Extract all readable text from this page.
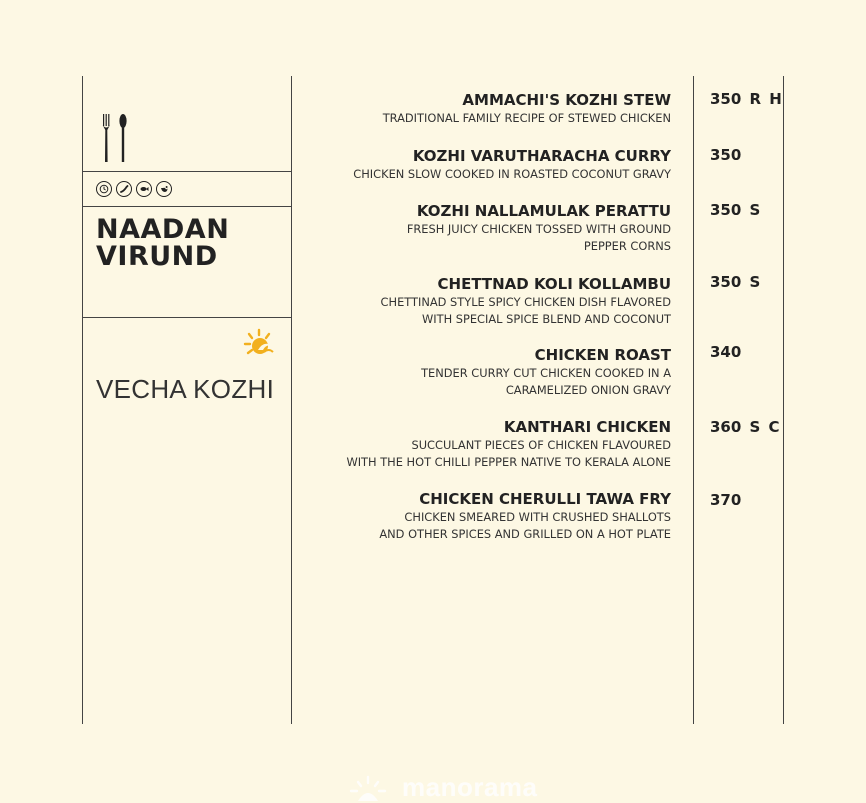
NAADAN
VIRUND
VECHA KOZHI
AMMACHI'S KOZHI STEW
TRADITIONAL FAMILY RECIPE OF STEWED CHICKEN
KOZHI VARUTHARACHA CURRY
CHICKEN SLOW COOKED IN ROASTED COCONUT GRAVY
KOZHI NALLAMULAK PERATTU
FRESH JUICY CHICKEN TOSSED WITH GROUND
PEPPER CORNS
CHETTNAD KOLI KOLLAMBU
CHETTINAD STYLE SPICY CHICKEN DISH FLAVORED
WITH SPECIAL SPICE BLEND AND COCONUT
CHICKEN ROAST
TENDER CURRY CUT CHICKEN COOKED IN A
CARAMELIZED ONION GRAVY
KANTHARI CHICKEN
SUCCULANT PIECES OF CHICKEN FLAVOURED
WITH THE HOT CHILLI PEPPER NATIVE TO KERALA ALONE
CHICKEN CHERULLI TAWA FRY
CHICKEN SMEARED WITH CRUSHED SHALLOTS
AND OTHER SPICES AND GRILLED ON A HOT PLATE
350 R H
350
350 S
350 S
340
360 S C
370
manorama
